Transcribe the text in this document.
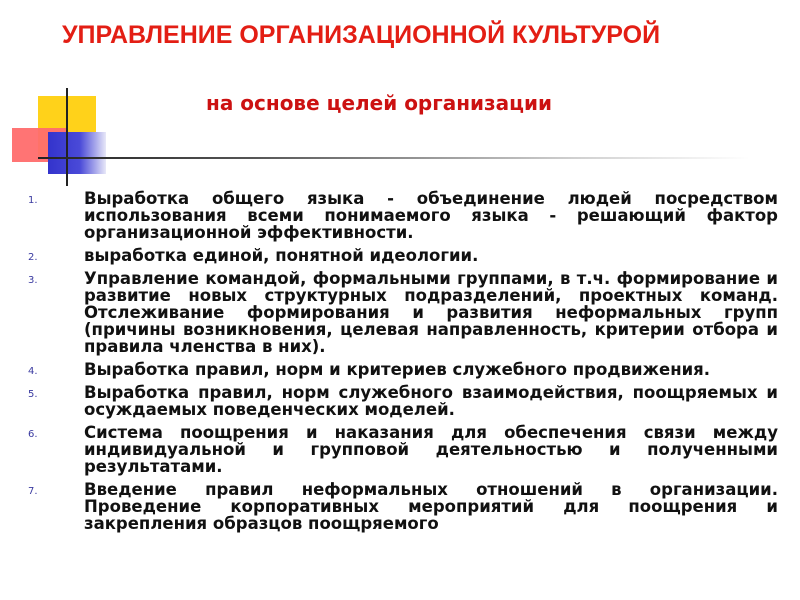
УПРАВЛЕНИЕ ОРГАНИЗАЦИОННОЙ КУЛЬТУРОЙ
на основе целей организации
1.	Выработка общего языка - объединение людей посредством использования всеми понимаемого языка - решающий фактор организационной эффективности.
2.	выработка единой, понятной идеологии.
3.	Управление командой, формальными группами, в т.ч. формирование и развитие новых структурных подразделений, проектных команд. Отслеживание формирования и развития неформальных групп (причины возникновения, целевая направленность, критерии отбора и правила членства в них).
4.	Выработка правил, норм и критериев служебного продвижения.
5.	Выработка правил, норм служебного взаимодействия, поощряемых и осуждаемых поведенческих моделей.
6.	Система поощрения и наказания для обеспечения связи между индивидуальной и групповой деятельностью и полученными результатами.
7.	Введение правил неформальных отношений в организации. Проведение корпоративных мероприятий для поощрения и закрепления образцов поощряемого
